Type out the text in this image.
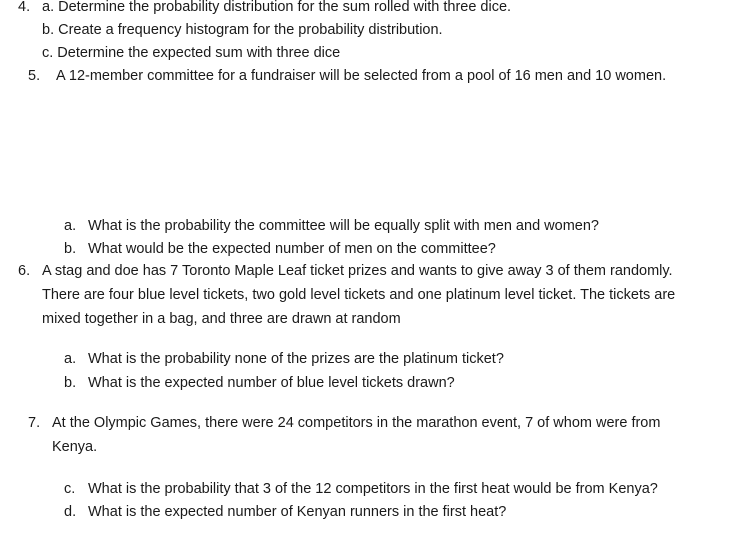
4. a. Determine the probability distribution for the sum rolled with three dice.
b. Create a frequency histogram for the probability distribution.
c. Determine the expected sum with three dice
5. A 12-member committee for a fundraiser will be selected from a pool of 16 men and 10 women.
a. What is the probability the committee will be equally split with men and women?
b. What would be the expected number of men on the committee?
6. A stag and doe has 7 Toronto Maple Leaf ticket prizes and wants to give away 3 of them randomly.
There are four blue level tickets, two gold level tickets and one platinum level ticket. The tickets are
mixed together in a bag, and three are drawn at random
a. What is the probability none of the prizes are the platinum ticket?
b. What is the expected number of blue level tickets drawn?
7. At the Olympic Games, there were 24 competitors in the marathon event, 7 of whom were from
Kenya.
c. What is the probability that 3 of the 12 competitors in the first heat would be from Kenya?
d. What is the expected number of Kenyan runners in the first heat?
